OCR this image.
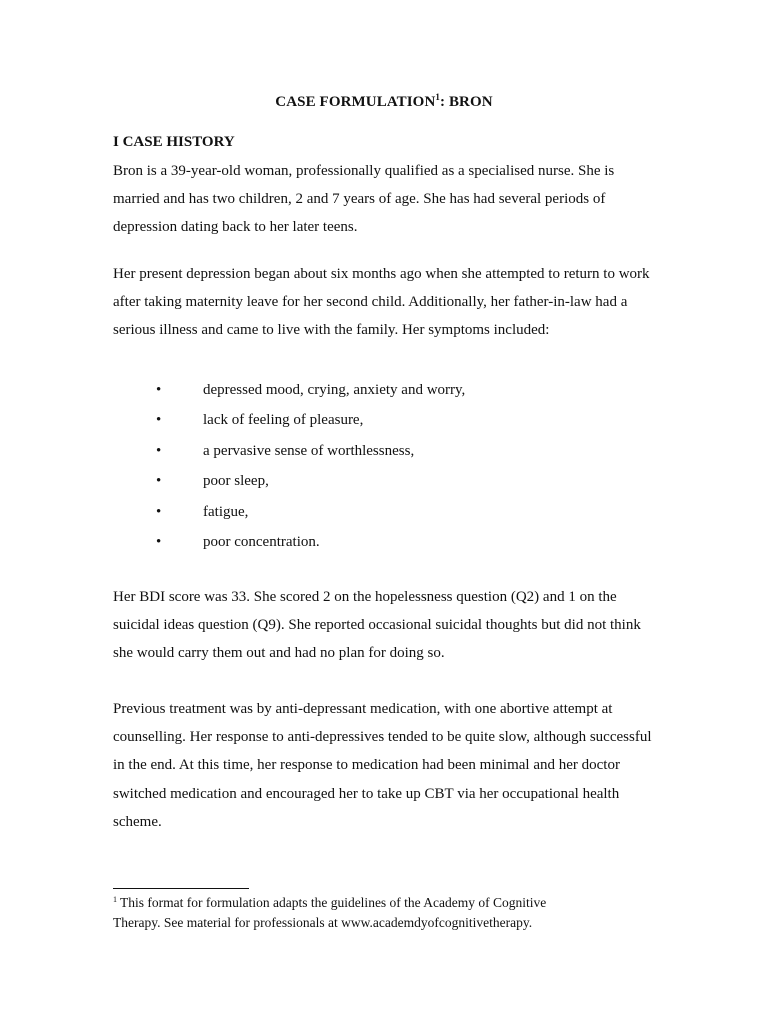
CASE FORMULATION$^1$: BRON
I CASE HISTORY

Bron is a 39-year-old woman, professionally qualified as a specialised nurse. She is
married and has two children, 2 and 7 years of age. She has had several periods of
depression dating back to her later teens.

Her present depression began about six months ago when she attempted to return to work
after taking maternity leave for her second child. Additionally, her father-in-law had a
serious illness and came to live with the family. Her symptoms included:

•	depressed mood, crying, anxiety and worry,
•	lack of feeling of pleasure,
•	a pervasive sense of worthlessness,
•	poor sleep,
•	fatigue,
•	poor concentration.

Her BDI score was 33. She scored 2 on the hopelessness question (Q2) and 1 on the
suicidal ideas question (Q9). She reported occasional suicidal thoughts but did not think
she would carry them out and had no plan for doing so.

Previous treatment was by anti-depressant medication, with one abortive attempt at
counselling. Her response to anti-depressives tended to be quite slow, although successful
in the end. At this time, her response to medication had been minimal and her doctor
switched medication and encouraged her to take up CBT via her occupational health
scheme.

$^1$ This format for formulation adapts the guidelines of the Academy of Cognitive
Therapy. See material for professionals at www.academdyofcognitivetherapy.
